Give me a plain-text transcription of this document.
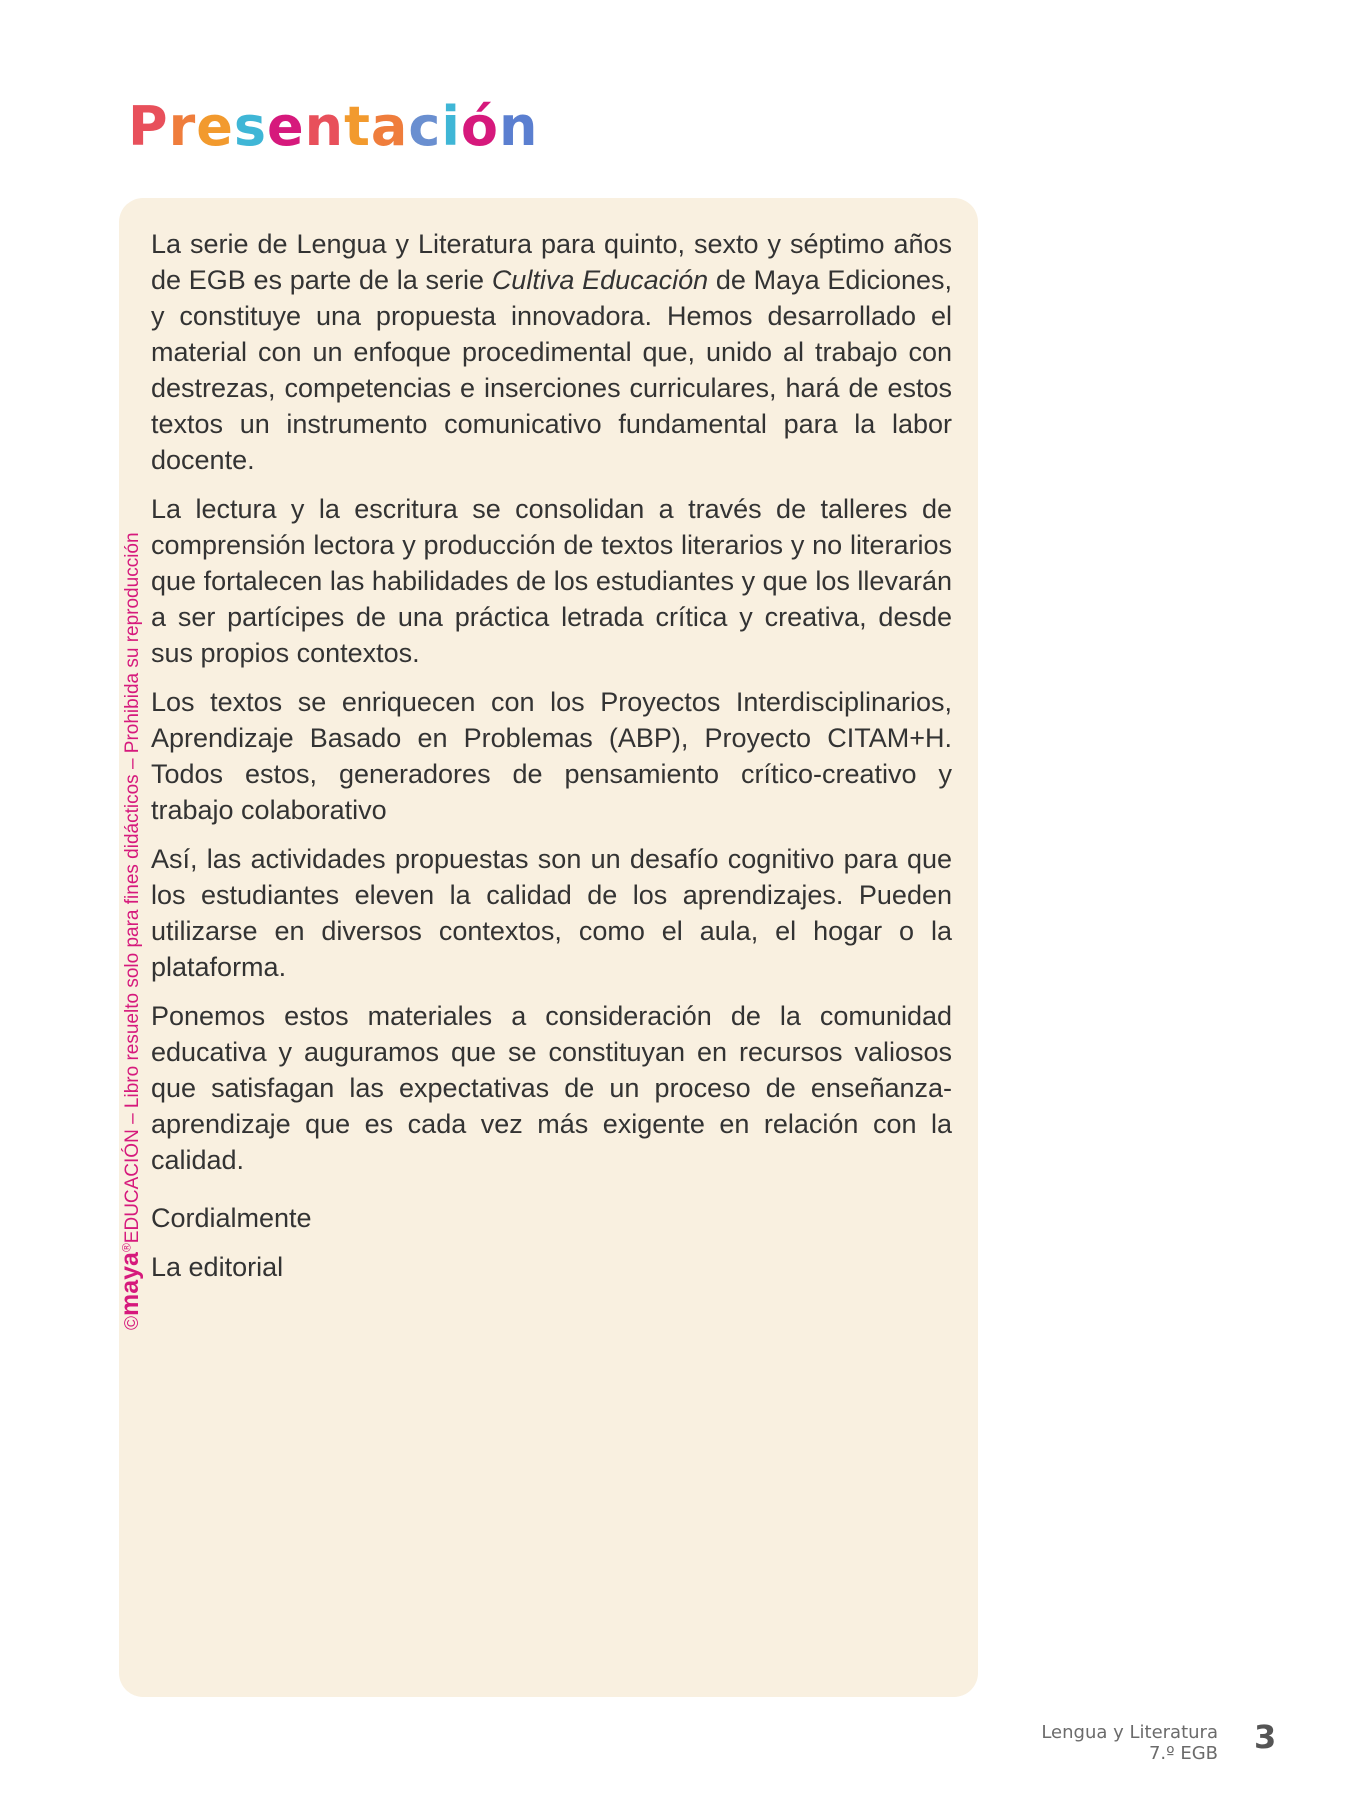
Presentación

La serie de Lengua y Literatura para quinto, sexto y séptimo años de EGB es parte de la serie Cultiva Educación de Maya Ediciones, y constituye una propuesta innovadora. Hemos desarrollado el material con un enfoque procedimental que, unido al trabajo con destrezas, competencias e inserciones curriculares, hará de estos textos un instrumento comunicativo fundamental para la labor docente.

La lectura y la escritura se consolidan a través de talleres de comprensión lectora y producción de textos literarios y no literarios que fortalecen las habilidades de los estudiantes y que los llevarán a ser partícipes de una práctica letrada crítica y creativa, desde sus propios contextos.

Los textos se enriquecen con los Proyectos Interdisciplinarios, Aprendizaje Basado en Problemas (ABP), Proyecto CITAM+H. Todos estos, generadores de pensamiento crítico-creativo y trabajo colaborativo

Así, las actividades propuestas son un desafío cognitivo para que los estudiantes eleven la calidad de los aprendizajes. Pueden utilizarse en diversos contextos, como el aula, el hogar o la plataforma.

Ponemos estos materiales a consideración de la comunidad educativa y auguramos que se constituyan en recursos valiosos que satisfagan las expectativas de un proceso de enseñanza-aprendizaje que es cada vez más exigente en relación con la calidad.

Cordialmente
La editorial
©maya®EDUCACIÓN – Libro resuelto solo para fines didácticos – Prohibida su reproducción
Lengua y Literatura
7.º EGB 3
